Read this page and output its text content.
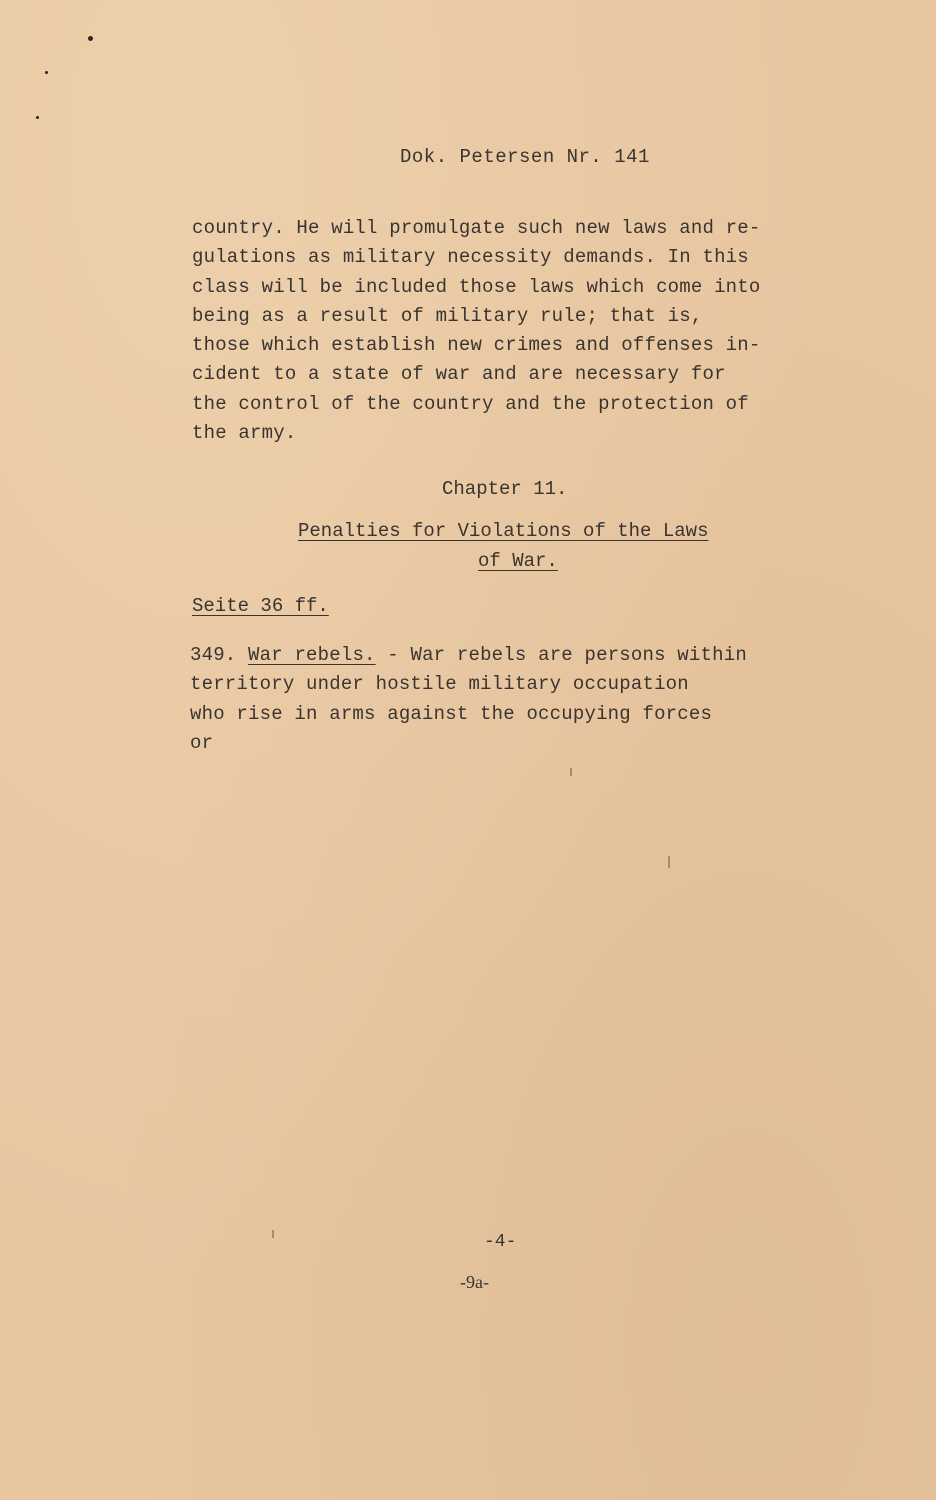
Dok. Petersen Nr. 141
country. He will promulgate such new laws and re-
gulations as military necessity demands. In this
class will be included those laws which come into
being as a result of military rule; that is,
those which establish new crimes and offenses in-
cident to a state of war and are necessary for
the control of the country and the protection of
the army.
Chapter 11.
Penalties for Violations of the Laws
of War.
Seite 36 ff.
349. War rebels. - War rebels are persons within
territory under hostile military occupation
who rise in arms against the occupying forces
or
-4-
-9a-
